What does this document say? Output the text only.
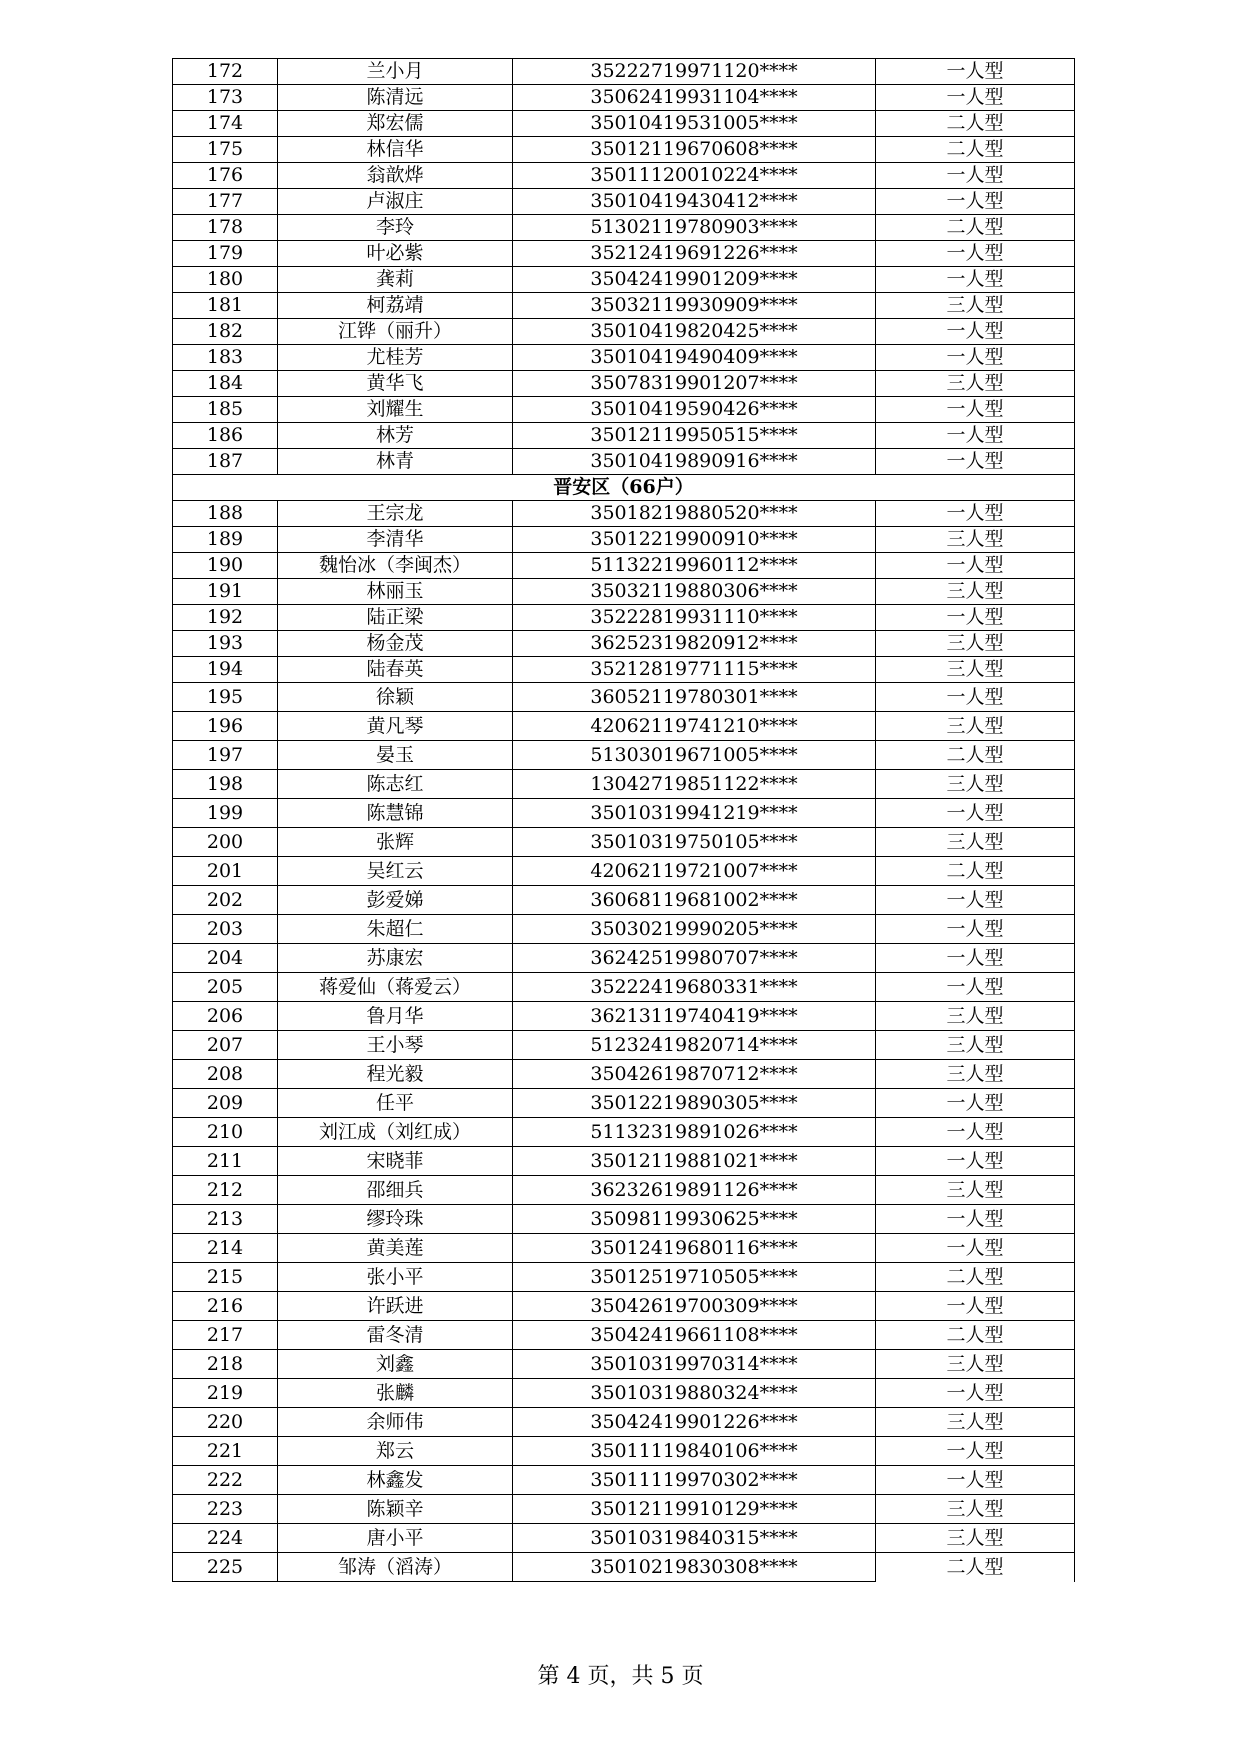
172	兰小月	35222719971120****	一人型
173	陈清远	35062419931104****	一人型
174	郑宏儒	35010419531005****	二人型
175	林信华	35012119670608****	二人型
176	翁歆烨	35011120010224****	一人型
177	卢淑庄	35010419430412****	一人型
178	李玲	51302119780903****	二人型
179	叶必紫	35212419691226****	一人型
180	龚莉	35042419901209****	一人型
181	柯荔靖	35032119930909****	三人型
182	江铧（丽升）	35010419820425****	一人型
183	尤桂芳	35010419490409****	一人型
184	黄华飞	35078319901207****	三人型
185	刘耀生	35010419590426****	一人型
186	林芳	35012119950515****	一人型
187	林青	35010419890916****	一人型
晋安区（66户）			
188	王宗龙	35018219880520****	一人型
189	李清华	35012219900910****	三人型
190	魏怡冰（李闽杰）	51132219960112****	一人型
191	林丽玉	35032119880306****	三人型
192	陆正梁	35222819931110****	一人型
193	杨金茂	36252319820912****	三人型
194	陆春英	35212819771115****	三人型
195	徐颖	36052119780301****	一人型
196	黄凡琴	42062119741210****	三人型
197	晏玉	51303019671005****	二人型
198	陈志红	13042719851122****	三人型
199	陈慧锦	35010319941219****	一人型
200	张辉	35010319750105****	三人型
201	吴红云	42062119721007****	二人型
202	彭爱娣	36068119681002****	一人型
203	朱超仁	35030219990205****	一人型
204	苏康宏	36242519980707****	一人型
205	蒋爱仙（蒋爱云）	35222419680331****	一人型
206	鲁月华	36213119740419****	三人型
207	王小琴	51232419820714****	三人型
208	程光毅	35042619870712****	三人型
209	任平	35012219890305****	一人型
210	刘江成（刘红成）	51132319891026****	一人型
211	宋晓菲	35012119881021****	一人型
212	邵细兵	36232619891126****	三人型
213	缪玲珠	35098119930625****	一人型
214	黄美莲	35012419680116****	一人型
215	张小平	35012519710505****	二人型
216	许跃进	35042619700309****	一人型
217	雷冬清	35042419661108****	二人型
218	刘鑫	35010319970314****	三人型
219	张麟	35010319880324****	一人型
220	余师伟	35042419901226****	三人型
221	郑云	35011119840106****	一人型
222	林鑫发	35011119970302****	一人型
223	陈颖辛	35012119910129****	三人型
224	唐小平	35010319840315****	三人型
225	邹涛（滔涛）	35010219830308****	二人型
第 4 页，共 5 页
